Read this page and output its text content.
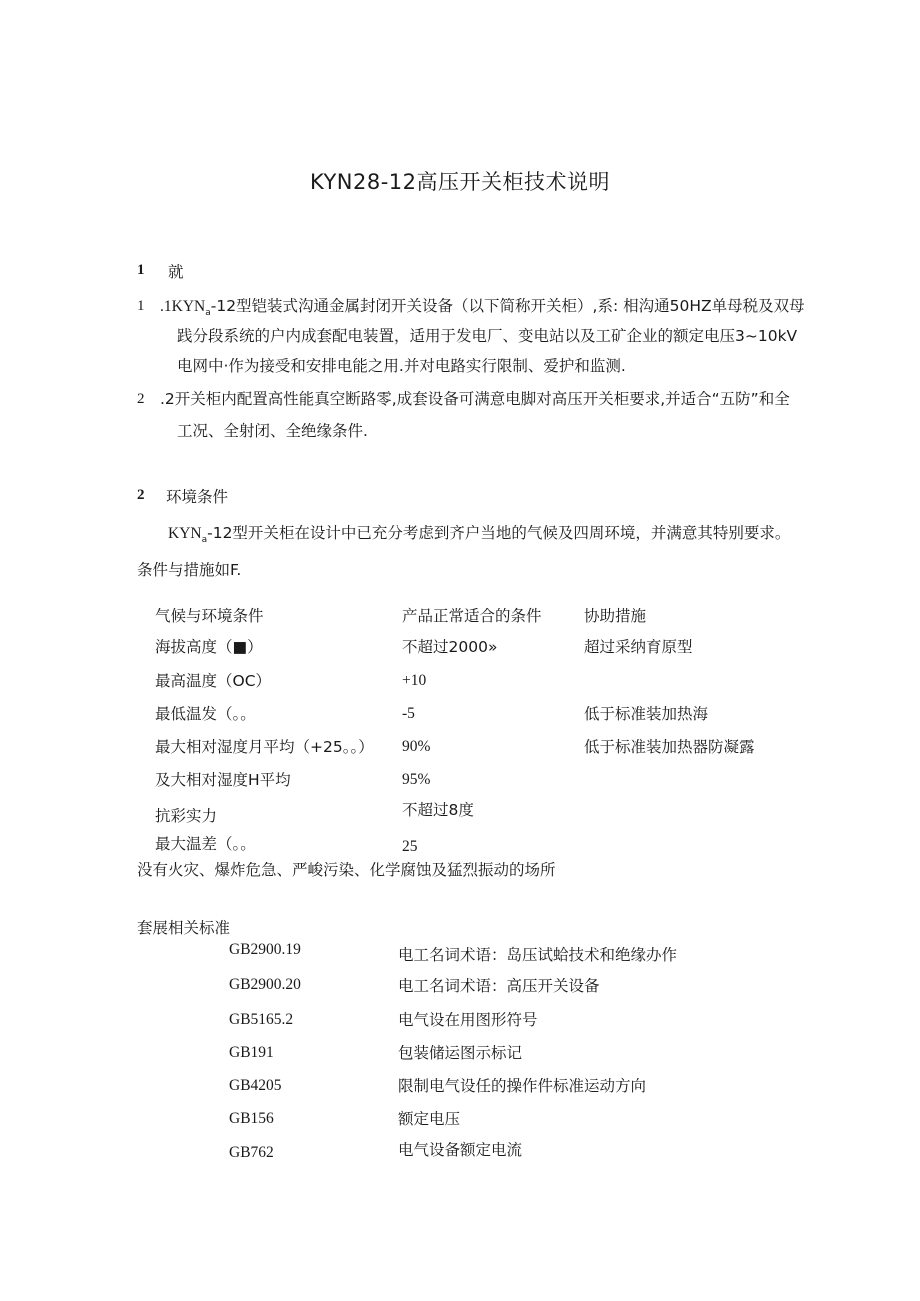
KYN28-12高压开关柜技术说明
1 就
1 $.1KYN_a-12$型铠装式沟通金属封闭开关设备（以下简称开关柜）,系: 相沟通50HZ单母税及双母
践分段系统的户内成套配电装置，适用于发电厂、变电站以及工矿企业的额定电压3~10kV
电网中·作为接受和安排电能之用.并对电路实行限制、爱护和监测.
2 .2开关柜内配置高性能真空断路零,成套设备可满意电脚对高压开关柜要求,并适合“五防”和全
工况、全射闭、全绝缘条件.
2 环境条件
$KYN_a-12$型开关柜在设计中已充分考虑到齐户当地的气候及四周环境，并满意其特别要求。
条件与措施如F.
气候与环境条件	产品正常适合的条件	协助措施
海拔高度（■）	不超过2000»	超过采纳育原型
最高温度（OC）	+10
最低温发（。。	-5	低于标准装加热海
最大相对湿度月平均（+25。。） 90%	低于标准装加热器防凝露
及大相对湿度H平均	95%
抗彩实力	不超过8度
最大温差（。。	25
没有火灾、爆炸危急、严峻污染、化学腐蚀及猛烈振动的场所
套展相关标准
GB2900.19	电工名词术语：岛压试蛤技术和绝缘办作
GB2900.20	电工名词术语：高压开关设备
GB5165.2	电气设在用图形符号
GB191	包装储运图示标记
GB4205	限制电气设任的操作件标准运动方向
GB156	额定电压
GB762	电气设备额定电流
